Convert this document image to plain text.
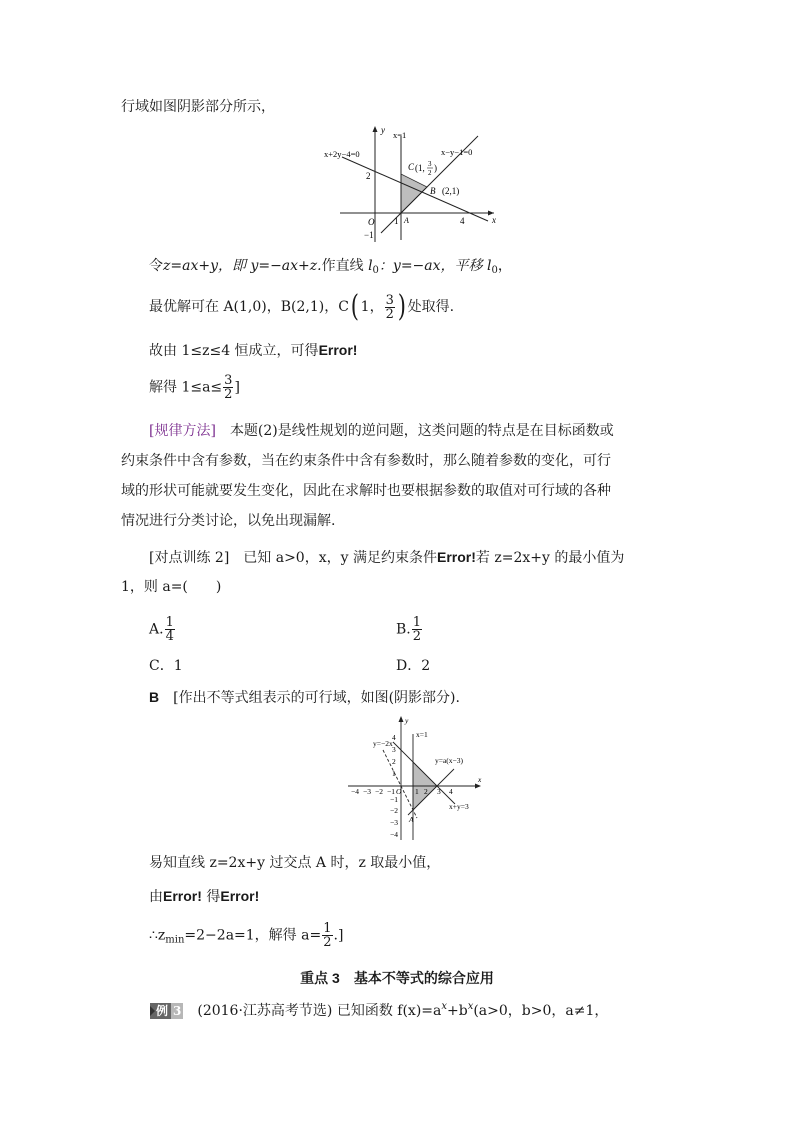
行域如图阴影部分所示，
y
x
O
x=1
x+2y−4=0	x−y−1=0
C (1, 3
2 )
B (2,1)
A
2
1	4
−1
令z=ax+y，即 y=−ax+z.作直线 $l_0$：y=−ax，平移 $l_0$，
最优解可在 A(1,0)，B(2,1)，C( 1， $\frac{3}{2}$ ) 处取得.
故由 1≤z≤4 恒成立，可得Error!
解得 $1\le a\le \frac{3}{2}$ ]
[规律方法]　 本题(2)是线性规划的逆问题，这类问题的特点是在目标函数或
约束条件中含有参数，当在约束条件中含有参数时，那么随着参数的变化，可行
域的形状可能就要发生变化，因此在求解时也要根据参数的取值对可行域的各种
情况进行分类讨论，以免出现漏解.
[对点训练 2]　 已知 a>0，x，y 满足约束条件Error!若 z=2x+y 的最小值为
1，则 a=(　　)
A. $\frac{1}{4}$	B. $\frac{1}{2}$
C．1	D．2
B　 [作出不等式组表示的可行域，如图(阴影部分).
y
x
x=1
y=−2x
y=a(x−3)
x+y=3
A
−4 −3 −2 −1 O 1 2 3 4
4
3
2
1
−1
−2
−3
−4
易知直线 z=2x+y 过交点 A 时，z 取最小值，
由Error! 得Error!
$\therefore z_{min}=2-2a=1$，解得 $a= \frac{1}{2}$ .]
重点 3　基本不等式的综合应用
例 3　 (2016·江苏高考节选) 已知函数 $f(x)=a^x+b^x(a>0$，b>0，a≠1，
